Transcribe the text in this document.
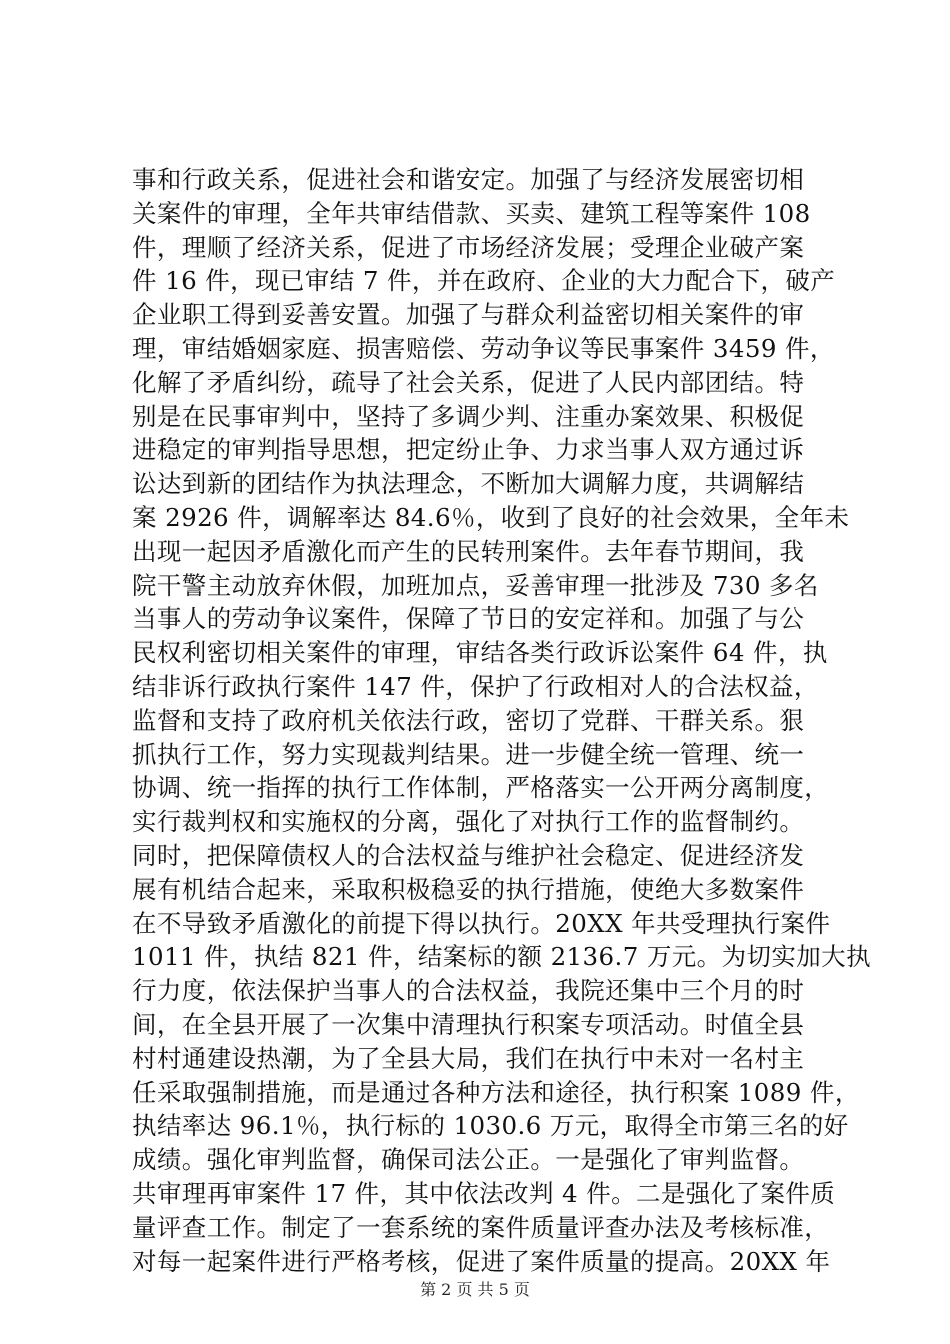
事和行政关系，促进社会和谐安定。加强了与经济发展密切相
关案件的审理，全年共审结借款、买卖、建筑工程等案件 108
件，理顺了经济关系，促进了市场经济发展；受理企业破产案
件 16 件，现已审结 7 件，并在政府、企业的大力配合下，破产
企业职工得到妥善安置。加强了与群众利益密切相关案件的审
理，审结婚姻家庭、损害赔偿、劳动争议等民事案件 3459 件，
化解了矛盾纠纷，疏导了社会关系，促进了人民内部团结。特
别是在民事审判中，坚持了多调少判、注重办案效果、积极促
进稳定的审判指导思想，把定纷止争、力求当事人双方通过诉
讼达到新的团结作为执法理念，不断加大调解力度，共调解结
案 2926 件，调解率达 84.6％，收到了良好的社会效果，全年未
出现一起因矛盾激化而产生的民转刑案件。去年春节期间，我
院干警主动放弃休假，加班加点，妥善审理一批涉及 730 多名
当事人的劳动争议案件，保障了节日的安定祥和。加强了与公
民权利密切相关案件的审理，审结各类行政诉讼案件 64 件，执
结非诉行政执行案件 147 件，保护了行政相对人的合法权益，
监督和支持了政府机关依法行政，密切了党群、干群关系。狠
抓执行工作，努力实现裁判结果。进一步健全统一管理、统一
协调、统一指挥的执行工作体制，严格落实一公开两分离制度，
实行裁判权和实施权的分离，强化了对执行工作的监督制约。
同时，把保障债权人的合法权益与维护社会稳定、促进经济发
展有机结合起来，采取积极稳妥的执行措施，使绝大多数案件
在不导致矛盾激化的前提下得以执行。20XX 年共受理执行案件
1011 件，执结 821 件，结案标的额 2136.7 万元。为切实加大执
行力度，依法保护当事人的合法权益，我院还集中三个月的时
间，在全县开展了一次集中清理执行积案专项活动。时值全县
村村通建设热潮，为了全县大局，我们在执行中未对一名村主
任采取强制措施，而是通过各种方法和途径，执行积案 1089 件，
执结率达 96.1％，执行标的 1030.6 万元，取得全市第三名的好
成绩。强化审判监督，确保司法公正。一是强化了审判监督。
共审理再审案件 17 件，其中依法改判 4 件。二是强化了案件质
量评查工作。制定了一套系统的案件质量评查办法及考核标准，
对每一起案件进行严格考核，促进了案件质量的提高。20XX 年
第 2 页 共 5 页
